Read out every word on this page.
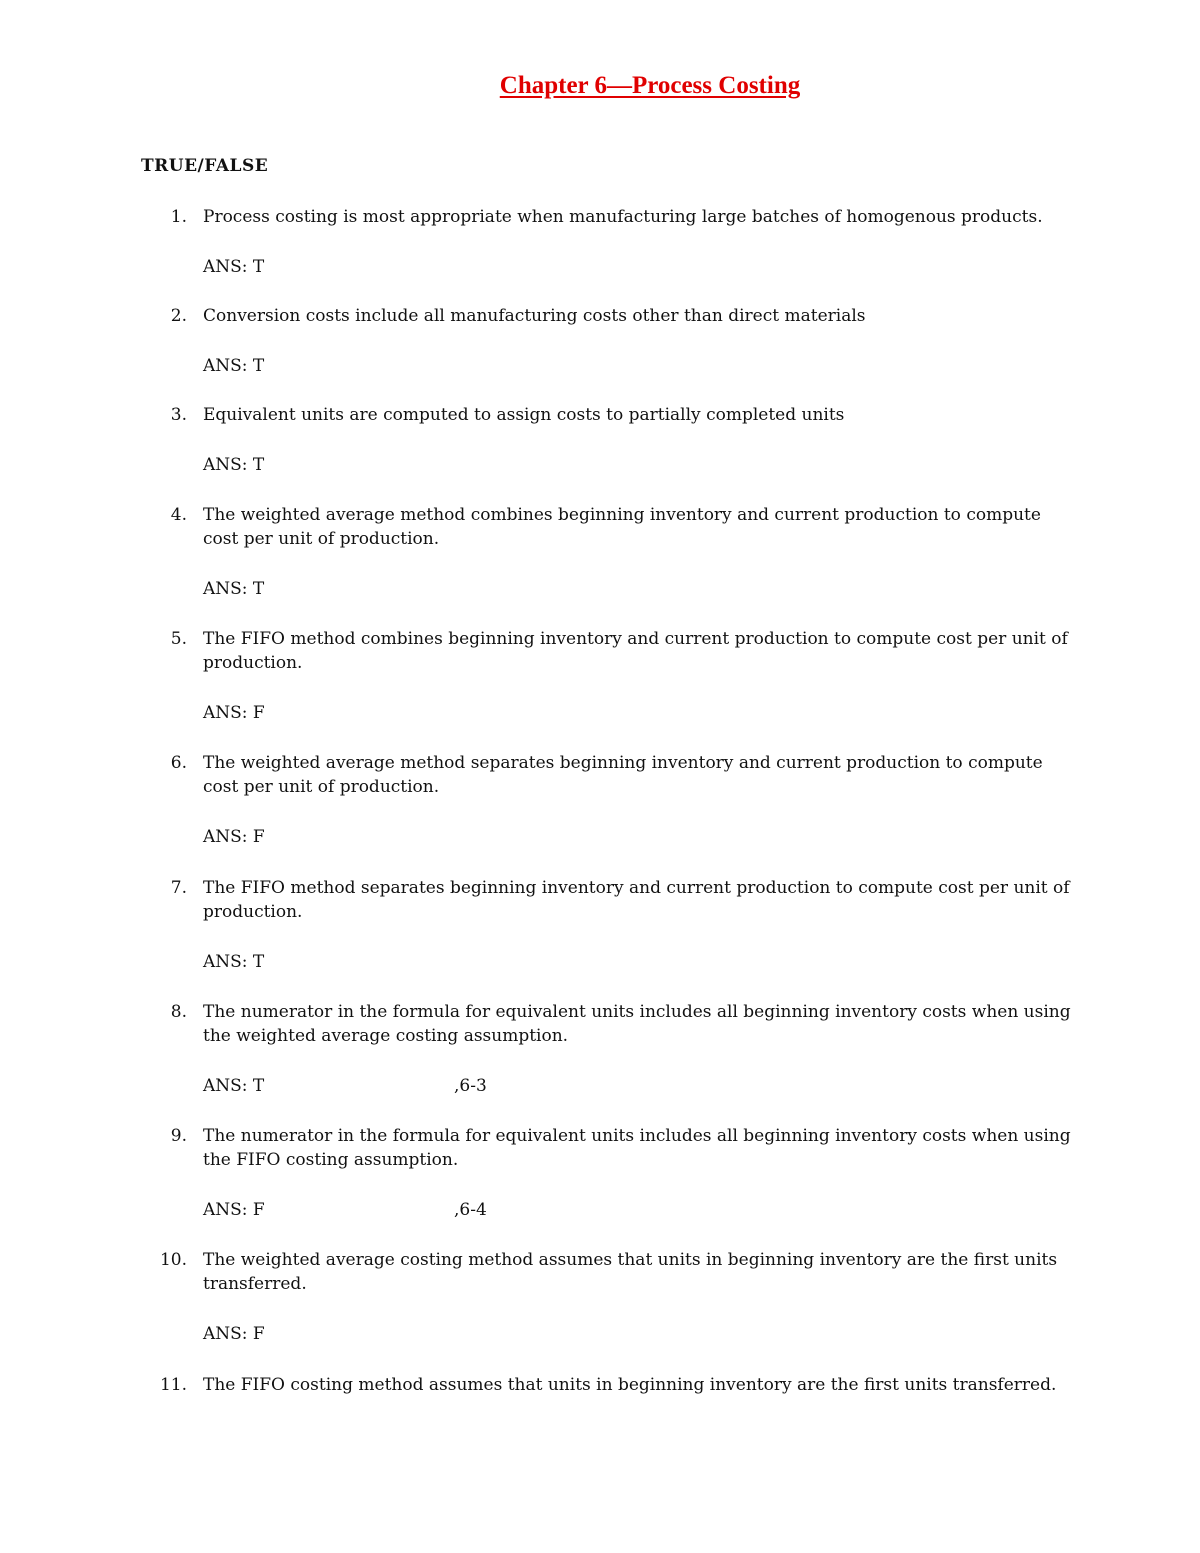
Chapter 6—Process Costing
TRUE/FALSE
1. Process costing is most appropriate when manufacturing large batches of homogenous products.
ANS: T
2. Conversion costs include all manufacturing costs other than direct materials
ANS: T
3. Equivalent units are computed to assign costs to partially completed units
ANS: T
4. The weighted average method combines beginning inventory and current production to compute cost per unit of production.
ANS: T
5. The FIFO method combines beginning inventory and current production to compute cost per unit of production.
ANS: F
6. The weighted average method separates beginning inventory and current production to compute cost per unit of production.
ANS: F
7. The FIFO method separates beginning inventory and current production to compute cost per unit of production.
ANS: T
8. The numerator in the formula for equivalent units includes all beginning inventory costs when using the weighted average costing assumption.
ANS: T	,6-3
9. The numerator in the formula for equivalent units includes all beginning inventory costs when using the FIFO costing assumption.
ANS: F	,6-4
10. The weighted average costing method assumes that units in beginning inventory are the first units transferred.
ANS: F
11. The FIFO costing method assumes that units in beginning inventory are the first units transferred.
